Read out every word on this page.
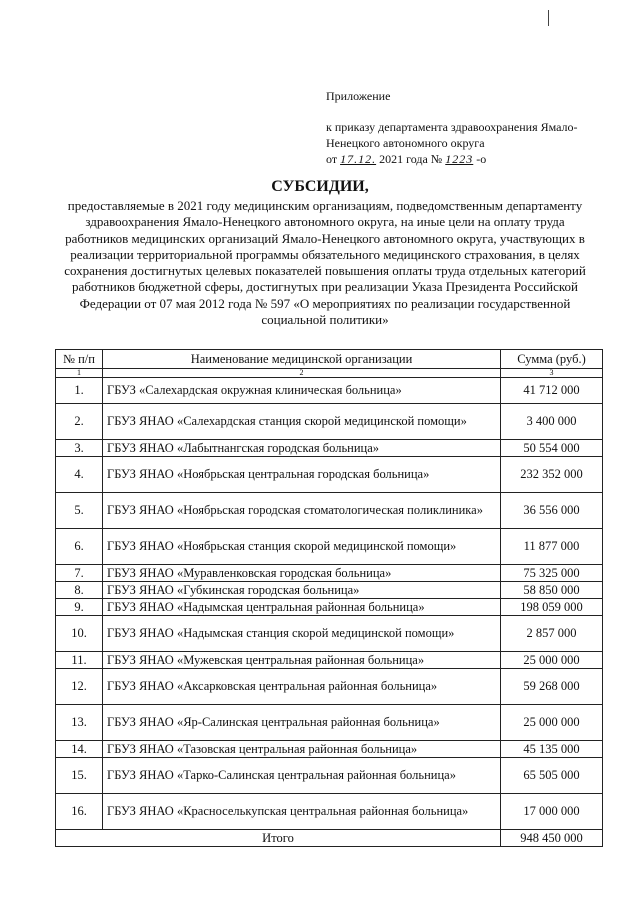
Приложение
к приказу департамента здравоохранения Ямало-
Ненецкого автономного округа
от 17.12. 2021 года № 1223 -о
СУБСИДИИ,
предоставляемые в 2021 году медицинским организациям, подведомственным департаменту здравоохранения Ямало-Ненецкого автономного округа, на иные цели на оплату труда работников медицинских организаций Ямало-Ненецкого автономного округа, участвующих в реализации территориальной программы обязательного медицинского страхования, в целях сохранения достигнутых целевых показателей повышения оплаты труда отдельных категорий работников бюджетной сферы, достигнутых при реализации Указа Президента Российской Федерации от 07 мая 2012 года № 597 «О мероприятиях по реализации государственной социальной политики»
№ п/п	Наименование медицинской организации	Сумма (руб.)
1	2	3
1.	ГБУЗ «Салехардская окружная клиническая больница»	41 712 000
2.	ГБУЗ ЯНАО «Салехардская станция скорой медицинской помощи»	3 400 000
3.	ГБУЗ ЯНАО «Лабытнангская городская больница»	50 554 000
4.	ГБУЗ ЯНАО «Ноябрьская центральная городская больница»	232 352 000
5.	ГБУЗ ЯНАО «Ноябрьская городская стоматологическая поликлиника»	36 556 000
6.	ГБУЗ ЯНАО «Ноябрьская станция скорой медицинской помощи»	11 877 000
7.	ГБУЗ ЯНАО «Муравленковская городская больница»	75 325 000
8.	ГБУЗ ЯНАО «Губкинская городская больница»	58 850 000
9.	ГБУЗ ЯНАО «Надымская центральная районная больница»	198 059 000
10.	ГБУЗ ЯНАО «Надымская станция скорой медицинской помощи»	2 857 000
11.	ГБУЗ ЯНАО «Мужевская центральная районная больница»	25 000 000
12.	ГБУЗ ЯНАО «Аксарковская центральная районная больница»	59 268 000
13.	ГБУЗ ЯНАО «Яр-Салинская центральная районная больница»	25 000 000
14.	ГБУЗ ЯНАО «Тазовская центральная районная больница»	45 135 000
15.	ГБУЗ ЯНАО «Тарко-Салинская центральная районная больница»	65 505 000
16.	ГБУЗ ЯНАО «Красноселькупская центральная районная больница»	17 000 000
Итого		948 450 000
